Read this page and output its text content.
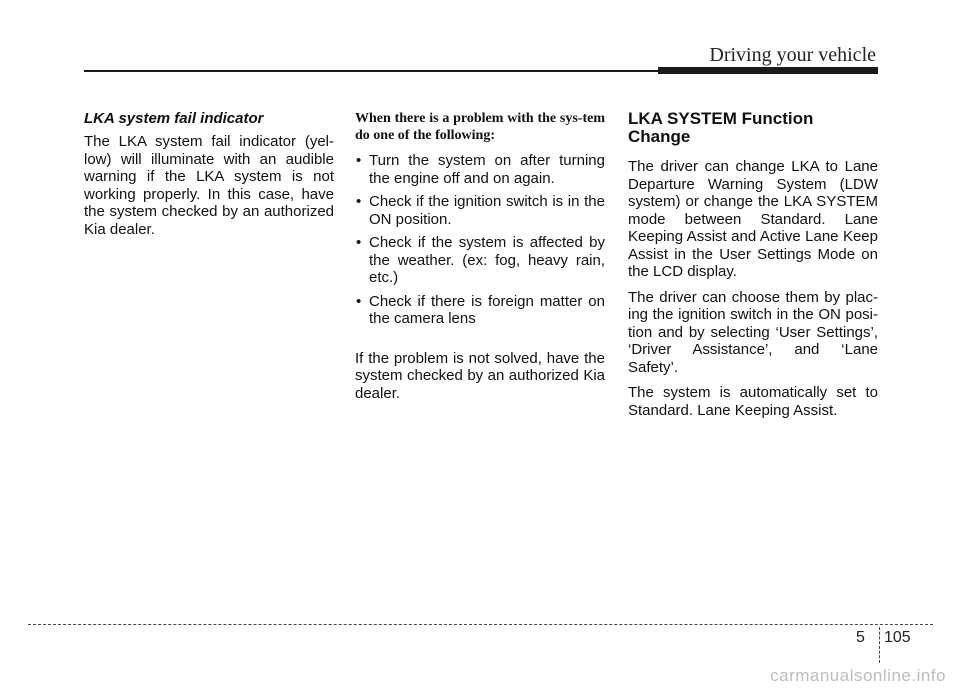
Driving your vehicle
LKA system fail indicator

The LKA system fail indicator (yel-low) will illuminate with an audible warning if the LKA system is not working properly. In this case, have the system checked by an authorized Kia dealer.

When there is a problem with the sys-tem do one of the following:
• Turn the system on after turning the engine off and on again.
• Check if the ignition switch is in the ON position.
• Check if the system is affected by the weather. (ex: fog, heavy rain, etc.)
• Check if there is foreign matter on the camera lens

If the problem is not solved, have the system checked by an authorized Kia dealer.

LKA SYSTEM Function Change

The driver can change LKA to Lane Departure Warning System (LDW system) or change the LKA SYSTEM mode between Standard. Lane Keeping Assist and Active Lane Keep Assist in the User Settings Mode on the LCD display.

The driver can choose them by plac-ing the ignition switch in the ON posi-tion and by selecting ‘User Settings’, ‘Driver Assistance’, and ‘Lane Safety’.

The system is automatically set to Standard. Lane Keeping Assist.

5 105
carmanualsonline.info
